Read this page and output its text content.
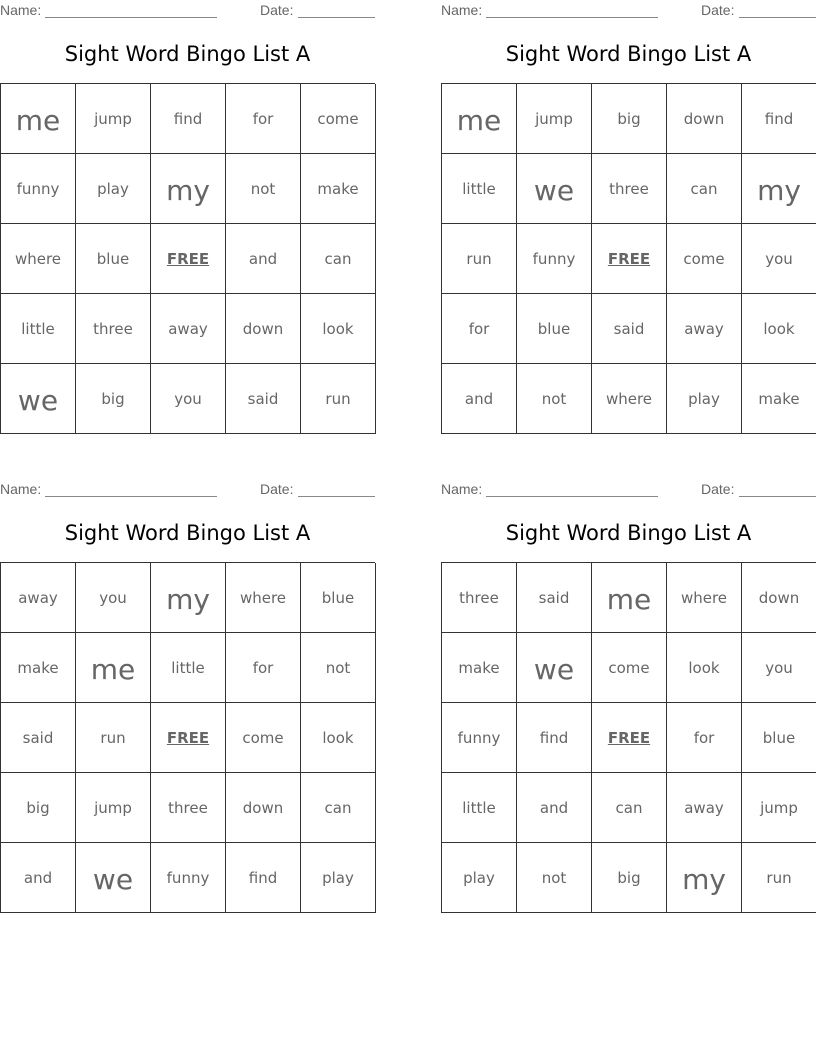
Name:	Date:
Sight Word Bingo List A
me	jump	find	for	come
funny	play	my	not	make
where	blue	FREE	and	can
little	three	away	down	look
we	big	you	said	run
Name:	Date:
Sight Word Bingo List A
me	jump	big	down	find
little	we	three	can	my
run	funny	FREE	come	you
for	blue	said	away	look
and	not	where	play	make
Name:	Date:
Sight Word Bingo List A
away	you	my	where	blue
make	me	little	for	not
said	run	FREE	come	look
big	jump	three	down	can
and	we	funny	find	play
Name:	Date:
Sight Word Bingo List A
three	said	me	where	down
make	we	come	look	you
funny	find	FREE	for	blue
little	and	can	away	jump
play	not	big	my	run
